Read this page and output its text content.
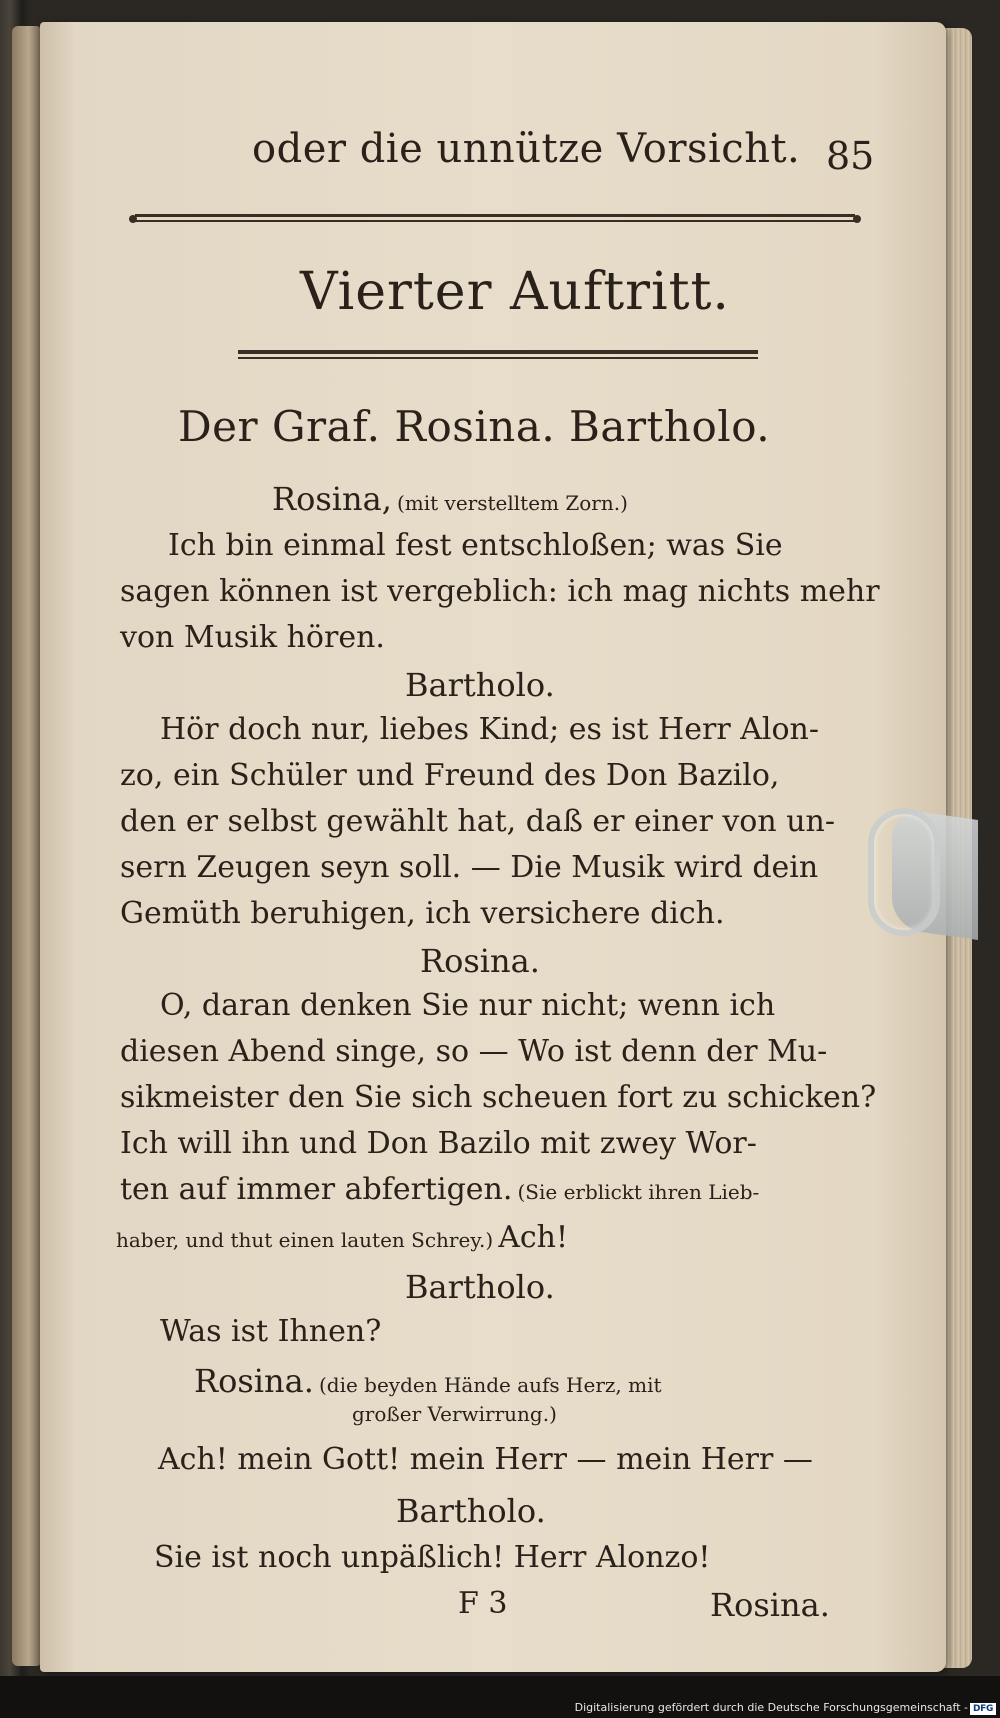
oder die unnütze Vorsicht. 85
Vierter Auftritt.
Der Graf. Rosina. Bartholo.
Rosina, (mit verstelltem Zorn.)
Ich bin einmal fest entschloßen; was Sie
sagen können ist vergeblich: ich mag nichts mehr
von Musik hören.
Bartholo.
Hör doch nur, liebes Kind; es ist Herr Alon-
zo, ein Schüler und Freund des Don Bazilo,
den er selbst gewählt hat, daß er einer von un-
sern Zeugen seyn soll. — Die Musik wird dein
Gemüth beruhigen, ich versichere dich.
Rosina.
O, daran denken Sie nur nicht; wenn ich
diesen Abend singe, so — Wo ist denn der Mu-
sikmeister den Sie sich scheuen fort zu schicken?
Ich will ihn und Don Bazilo mit zwey Wor-
ten auf immer abfertigen. (Sie erblickt ihren Lieb-
haber, und thut einen lauten Schrey.) Ach!
Bartholo.
Was ist Ihnen?
Rosina. (die beyden Hände aufs Herz, mit
großer Verwirrung.)
Ach! mein Gott! mein Herr — mein Herr —
Bartholo.
Sie ist noch unpäßlich! Herr Alonzo!
F 3	Rosina.
Digitalisierung gefördert durch die Deutsche Forschungsgemeinschaft - DFG
